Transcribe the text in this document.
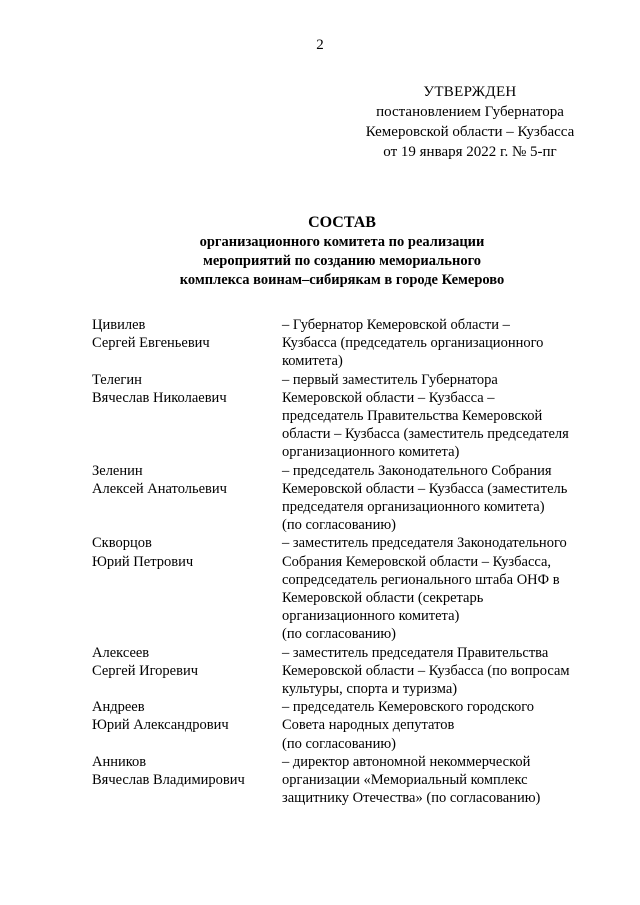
2
УТВЕРЖДЕН
постановлением Губернатора
Кемеровской области – Кузбасса
от 19 января 2022 г. № 5-пг
СОСТАВ
организационного комитета по реализации
мероприятий по созданию мемориального
комплекса воинам–сибирякам в городе Кемерово
Цивилев
Сергей Евгеньевич
– Губернатор Кемеровской области –
Кузбасса (председатель организационного
комитета)
Телегин
Вячеслав Николаевич
– первый заместитель Губернатора
Кемеровской области – Кузбасса –
председатель Правительства Кемеровской
области – Кузбасса (заместитель председателя
организационного комитета)
Зеленин
Алексей Анатольевич
– председатель Законодательного Собрания
Кемеровской области – Кузбасса (заместитель
председателя организационного комитета)
(по согласованию)
Скворцов
Юрий Петрович
– заместитель председателя Законодательного
Собрания Кемеровской области – Кузбасса,
сопредседатель регионального штаба ОНФ в
Кемеровской области (секретарь
организационного комитета)
(по согласованию)
Алексеев
Сергей Игоревич
– заместитель председателя Правительства
Кемеровской области – Кузбасса (по вопросам
культуры, спорта и туризма)
Андреев
Юрий Александрович
– председатель Кемеровского городского
Совета народных депутатов
(по согласованию)
Анников
Вячеслав Владимирович
– директор автономной некоммерческой
организации «Мемориальный комплекс
защитнику Отечества» (по согласованию)
